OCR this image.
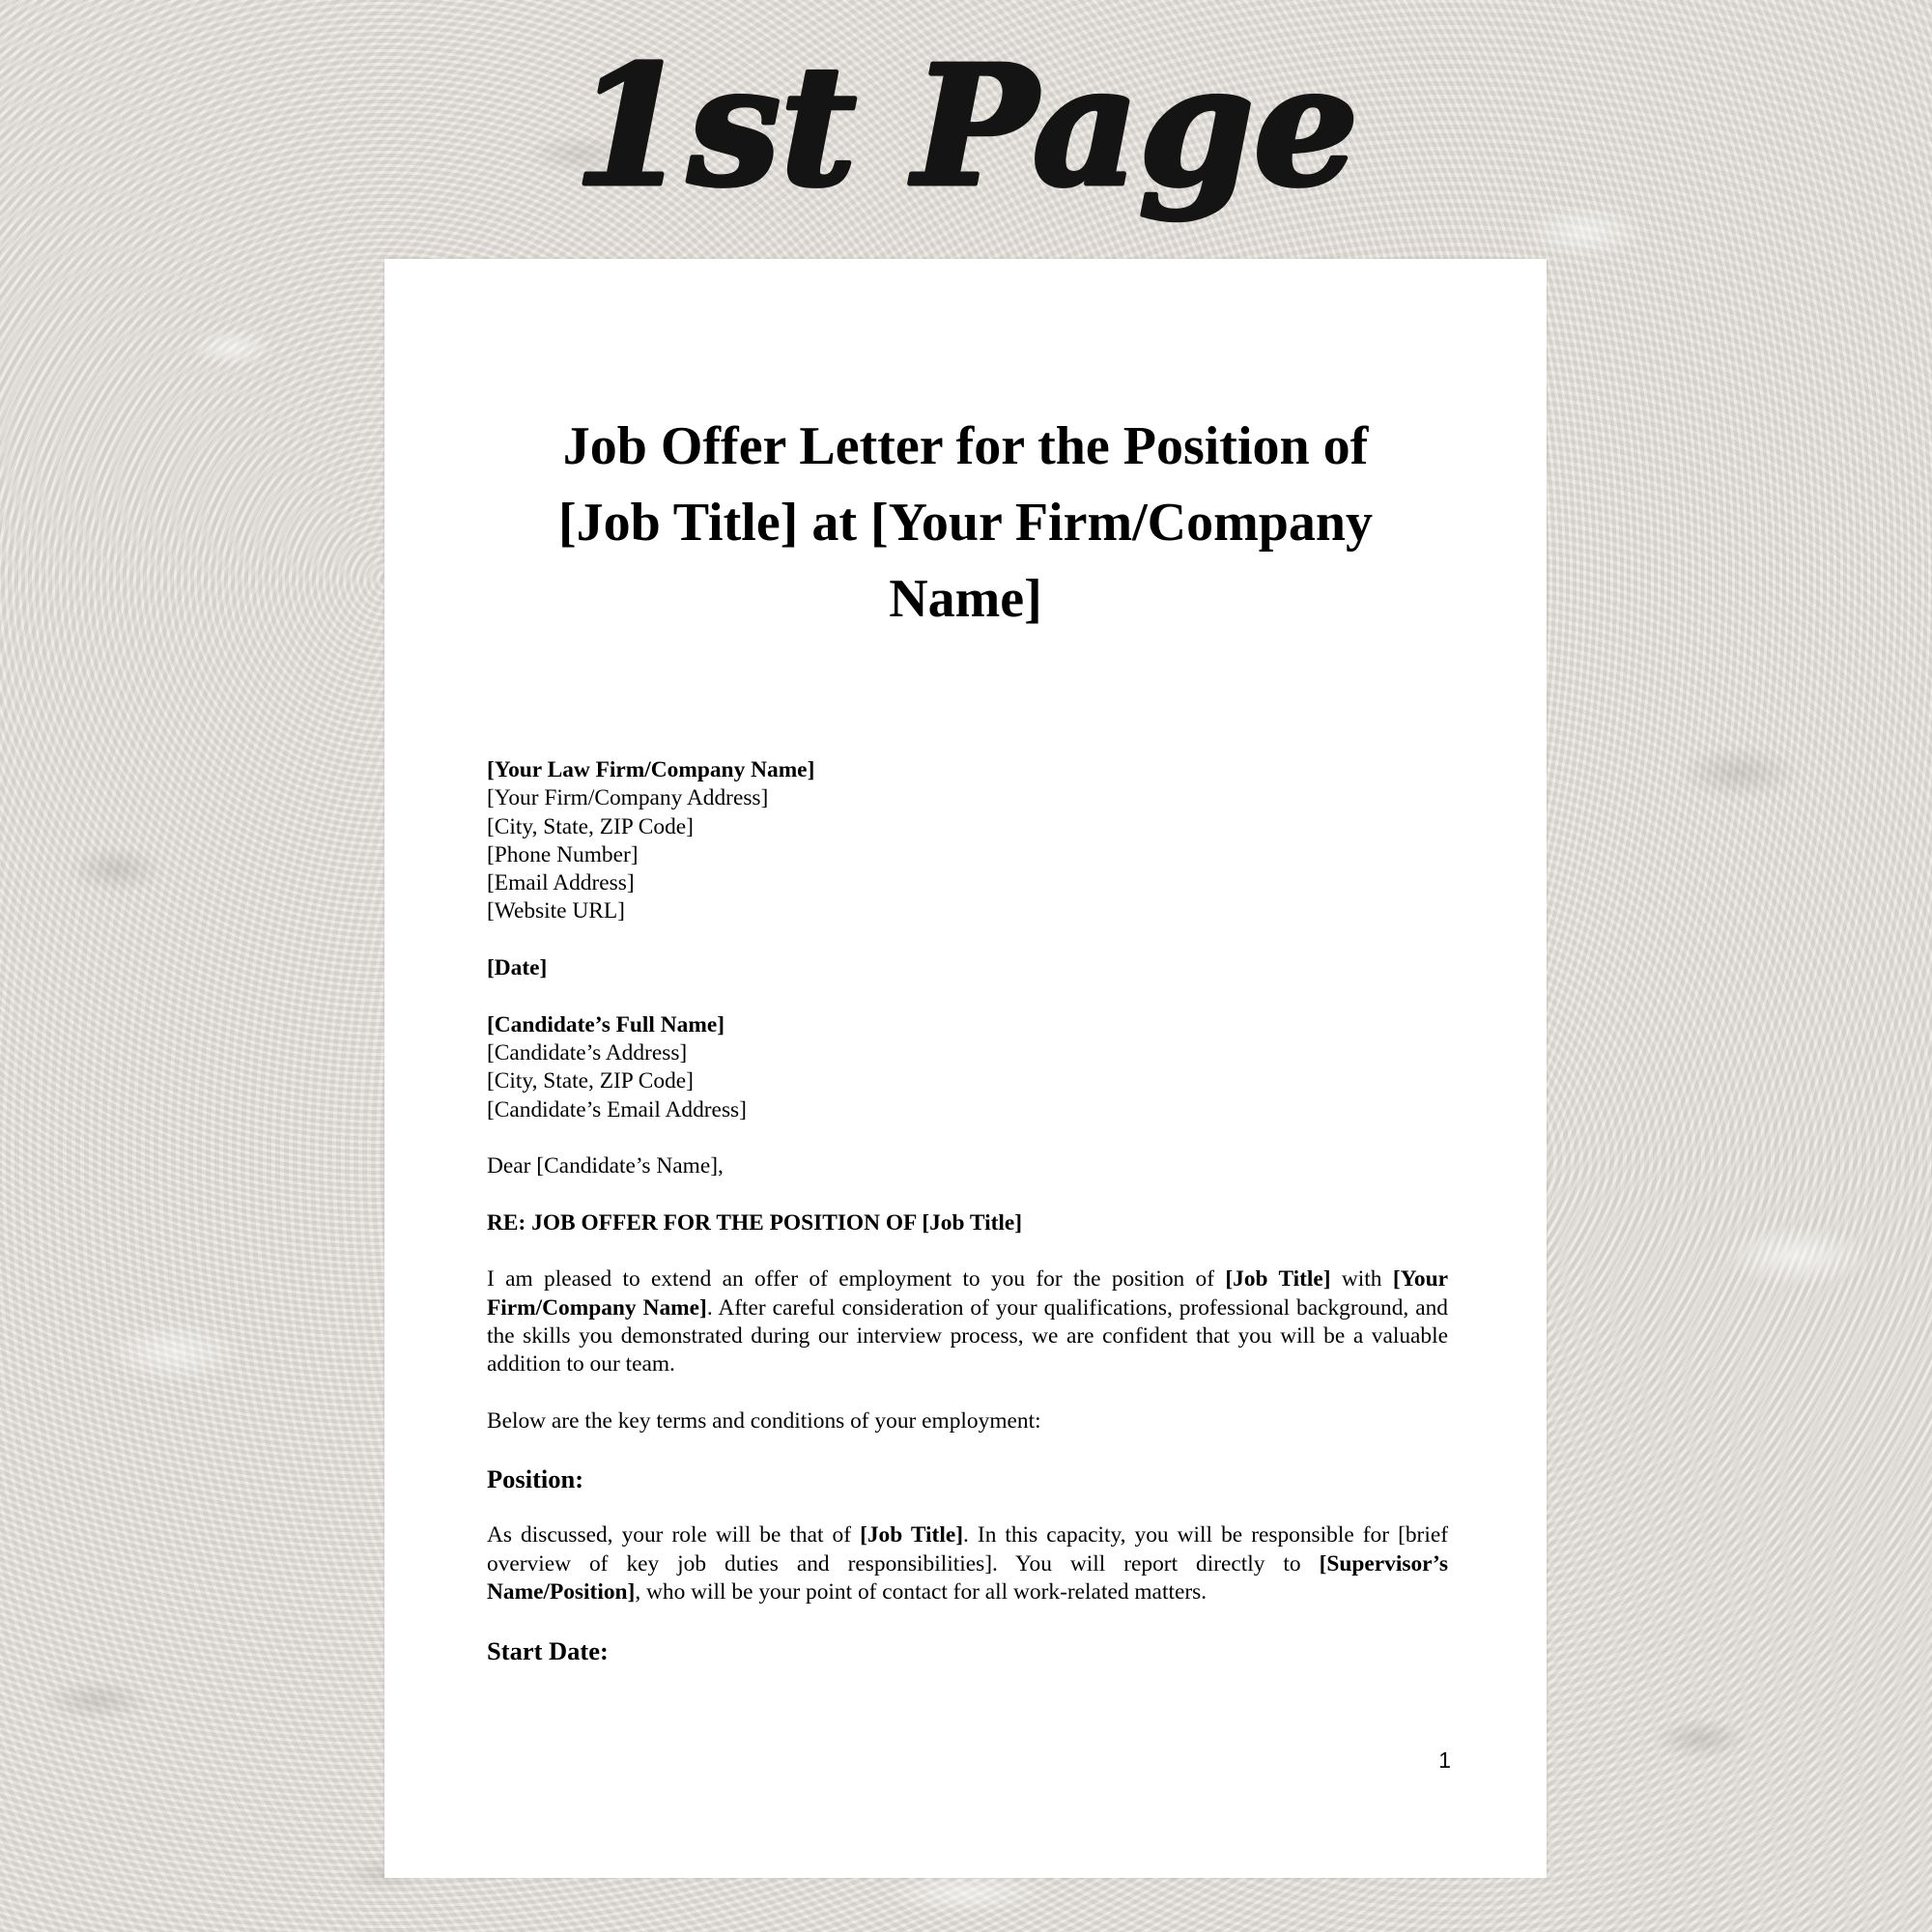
1st Page
Job Offer Letter for the Position of
[Job Title] at [Your Firm/Company
Name]
[Your Law Firm/Company Name]
[Your Firm/Company Address]
[City, State, ZIP Code]
[Phone Number]
[Email Address]
[Website URL]
[Date]
[Candidate’s Full Name]
[Candidate’s Address]
[City, State, ZIP Code]
[Candidate’s Email Address]
Dear [Candidate’s Name],
RE: JOB OFFER FOR THE POSITION OF [Job Title]

I am pleased to extend an offer of employment to you for the position of [Job Title] with [Your Firm/Company Name]. After careful consideration of your qualifications, professional background, and the skills you demonstrated during our interview process, we are confident that you will be a valuable addition to our team.

Below are the key terms and conditions of your employment:

Position:

As discussed, your role will be that of [Job Title]. In this capacity, you will be responsible for [brief overview of key job duties and responsibilities]. You will report directly to [Supervisor’s Name/Position], who will be your point of contact for all work-related matters.

Start Date:
1
